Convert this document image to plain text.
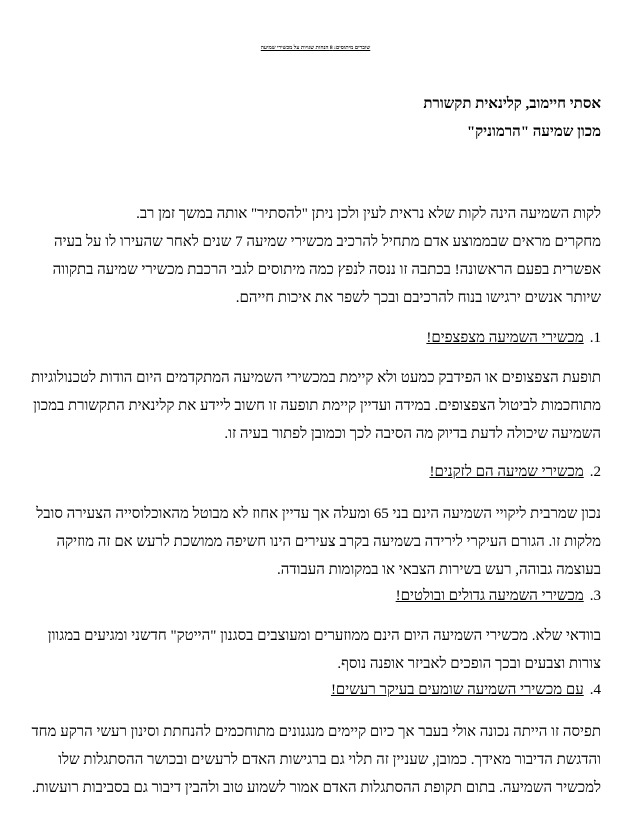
שוברים מיתוסים: 8 הנחות שגויות על מכשירי שמיעה
אסתי חיימוב, קלינאית תקשורת
מכון שמיעה "הרמוניק"
לקות השמיעה הינה לקות שלא נראית לעין ולכן ניתן "להסתיר" אותה במשך זמן רב.
מחקרים מראים שבממוצע אדם מתחיל להרכיב מכשירי שמיעה 7 שנים לאחר שהעירו לו על בעיה
אפשרית בפעם הראשונה! בכתבה זו ננסה לנפץ כמה מיתוסים לגבי הרכבת מכשירי שמיעה בתקווה
שיותר אנשים ירגישו בנוח להרכיבם ובכך לשפר את איכות חייהם.
1.מכשירי השמיעה מצפצפים!
תופעת הצפצופים או הפידבק כמעט ולא קיימת במכשירי השמיעה המתקדמים היום הודות לטכנולוגיות
מתוחכמות לביטול הצפצופים. במידה ועדיין קיימת תופעה זו חשוב ליידע את קלינאית התקשורת במכון
השמיעה שיכולה לדעת בדיוק מה הסיבה לכך וכמובן לפתור בעיה זו.
2.מכשירי שמיעה הם לזקנים!
נכון שמרבית ליקויי השמיעה הינם בני 65 ומעלה אך עדיין אחוז לא מבוטל מהאוכלוסייה הצעירה סובל
מלקות זו. הגורם העיקרי לירידה בשמיעה בקרב צעירים הינו חשיפה ממושכת לרעש אם זה מוזיקה
בעוצמה גבוהה, רעש בשירות הצבאי או במקומות העבודה.
3.מכשירי השמיעה גדולים ובולטים!
בוודאי שלא. מכשירי השמיעה היום הינם ממוזערים ומעוצבים בסגנון "הייטק" חדשני ומגיעים במגוון
צורות וצבעים ובכך הופכים לאביזר אופנה נוסף.
4.עם מכשירי השמיעה שומעים בעיקר רעשים!
תפיסה זו הייתה נכונה אולי בעבר אך כיום קיימים מנגנונים מתוחכמים להנחתת וסינון רעשי הרקע מחד
והדגשת הדיבור מאידך. כמובן, שעניין זה תלוי גם ברגישות האדם לרעשים ובכושר ההסתגלות שלו
למכשיר השמיעה. בתום תקופת ההסתגלות האדם אמור לשמוע טוב ולהבין דיבור גם בסביבות רועשות.
